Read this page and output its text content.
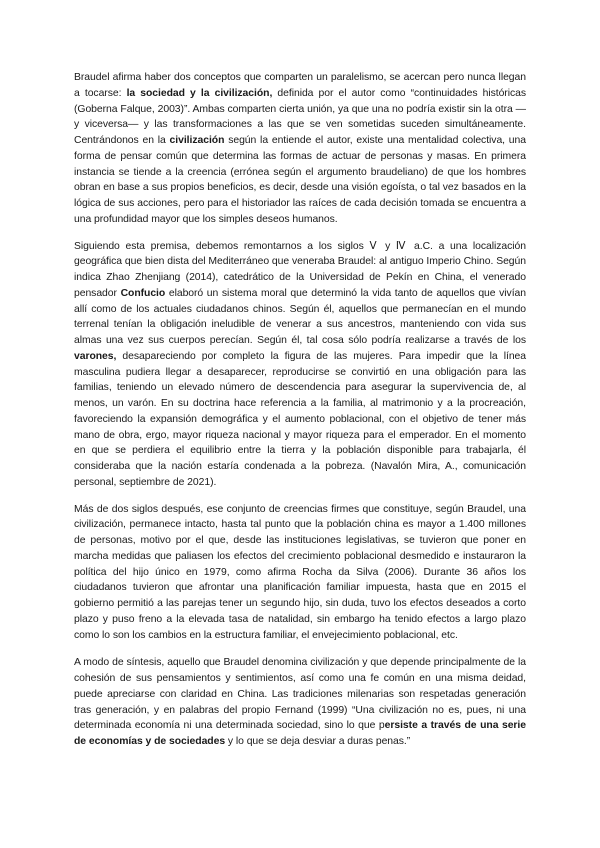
Braudel afirma haber dos conceptos que comparten un paralelismo, se acercan pero nunca llegan a tocarse: la sociedad y la civilización, definida por el autor como “continuidades históricas (Goberna Falque, 2003)”. Ambas comparten cierta unión, ya que una no podría existir sin la otra —y viceversa— y las transformaciones a las que se ven sometidas suceden simultáneamente. Centrándonos en la civilización según la entiende el autor, existe una mentalidad colectiva, una forma de pensar común que determina las formas de actuar de personas y masas. En primera instancia se tiende a la creencia (errónea según el argumento braudeliano) de que los hombres obran en base a sus propios beneficios, es decir, desde una visión egoísta, o tal vez basados en la lógica de sus acciones, pero para el historiador las raíces de cada decisión tomada se encuentra a una profundidad mayor que los simples deseos humanos.

Siguiendo esta premisa, debemos remontarnos a los siglos Ⅴ y Ⅳ a.C. a una localización geográfica que bien dista del Mediterráneo que veneraba Braudel: al antiguo Imperio Chino. Según indica Zhao Zhenjiang (2014), catedrático de la Universidad de Pekín en China, el venerado pensador Confucio elaboró un sistema moral que determinó la vida tanto de aquellos que vivían allí como de los actuales ciudadanos chinos. Según él, aquellos que permanecían en el mundo terrenal tenían la obligación ineludible de venerar a sus ancestros, manteniendo con vida sus almas una vez sus cuerpos perecían. Según él, tal cosa sólo podría realizarse a través de los varones, desapareciendo por completo la figura de las mujeres. Para impedir que la línea masculina pudiera llegar a desaparecer, reproducirse se convirtió en una obligación para las familias, teniendo un elevado número de descendencia para asegurar la supervivencia de, al menos, un varón. En su doctrina hace referencia a la familia, al matrimonio y a la procreación, favoreciendo la expansión demográfica y el aumento poblacional, con el objetivo de tener más mano de obra, ergo, mayor riqueza nacional y mayor riqueza para el emperador. En el momento en que se perdiera el equilibrio entre la tierra y la población disponible para trabajarla, él consideraba que la nación estaría condenada a la pobreza. (Navalón Mira, A., comunicación personal, septiembre de 2021).

Más de dos siglos después, ese conjunto de creencias firmes que constituye, según Braudel, una civilización, permanece intacto, hasta tal punto que la población china es mayor a 1.400 millones de personas, motivo por el que, desde las instituciones legislativas, se tuvieron que poner en marcha medidas que paliasen los efectos del crecimiento poblacional desmedido e instauraron la política del hijo único en 1979, como afirma Rocha da Silva (2006). Durante 36 años los ciudadanos tuvieron que afrontar una planificación familiar impuesta, hasta que en 2015 el gobierno permitió a las parejas tener un segundo hijo, sin duda, tuvo los efectos deseados a corto plazo y puso freno a la elevada tasa de natalidad, sin embargo ha tenido efectos a largo plazo como lo son los cambios en la estructura familiar, el envejecimiento poblacional, etc.

A modo de síntesis, aquello que Braudel denomina civilización y que depende principalmente de la cohesión de sus pensamientos y sentimientos, así como una fe común en una misma deidad, puede apreciarse con claridad en China. Las tradiciones milenarias son respetadas generación tras generación, y en palabras del propio Fernand (1999) “Una civilización no es, pues, ni una determinada economía ni una determinada sociedad, sino lo que persiste a través de una serie de economías y de sociedades y lo que se deja desviar a duras penas.”
